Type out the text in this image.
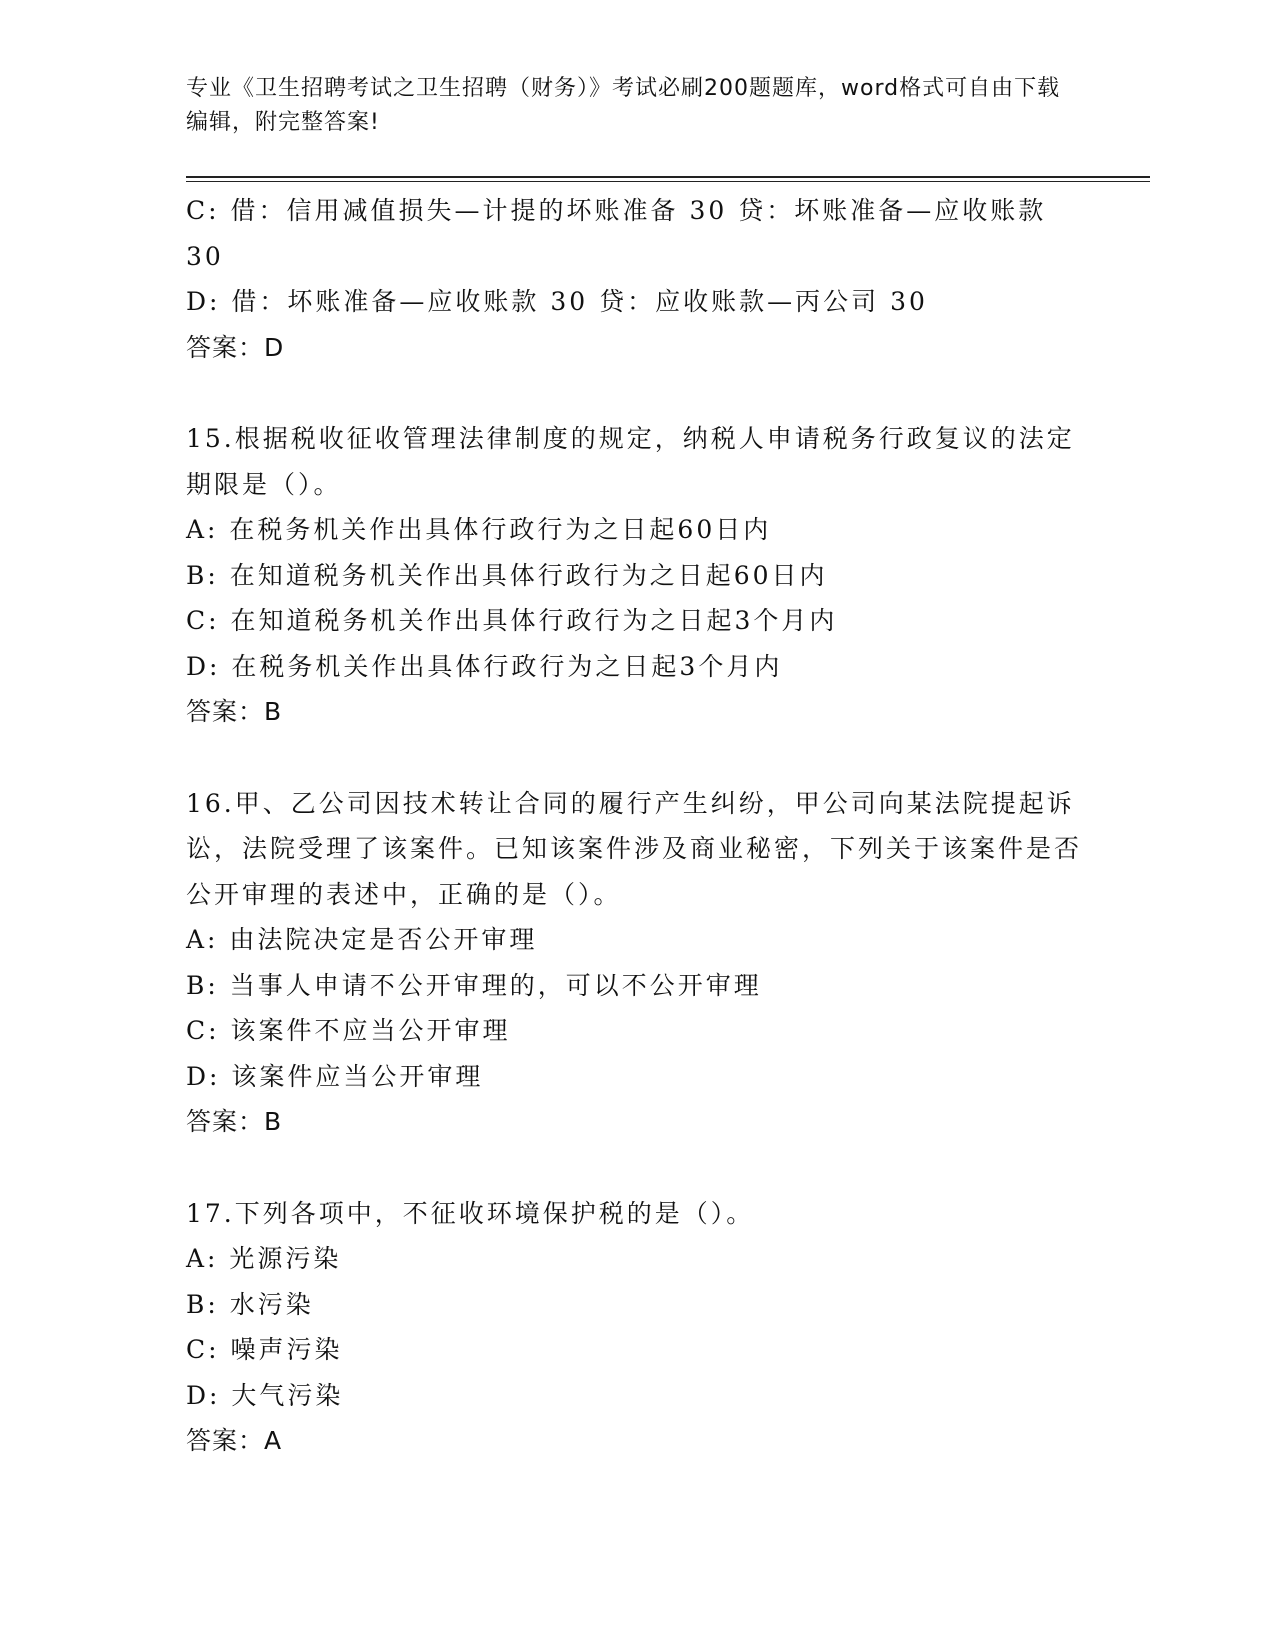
专业《卫生招聘考试之卫生招聘（财务）》考试必刷200题题库，word格式可自由下载编辑，附完整答案!
C: 借：信用减值损失—计提的坏账准备 30 贷：坏账准备—应收账款 30
D: 借：坏账准备—应收账款 30 贷：应收账款—丙公司 30
答案：D
15.根据税收征收管理法律制度的规定，纳税人申请税务行政复议的法定期限是（）。
A: 在税务机关作出具体行政行为之日起60日内
B: 在知道税务机关作出具体行政行为之日起60日内
C: 在知道税务机关作出具体行政行为之日起3个月内
D: 在税务机关作出具体行政行为之日起3个月内
答案：B
16.甲、乙公司因技术转让合同的履行产生纠纷，甲公司向某法院提起诉讼，法院受理了该案件。已知该案件涉及商业秘密，下列关于该案件是否公开审理的表述中，正确的是（）。
A: 由法院决定是否公开审理
B: 当事人申请不公开审理的，可以不公开审理
C: 该案件不应当公开审理
D: 该案件应当公开审理
答案：B
17.下列各项中，不征收环境保护税的是（）。
A: 光源污染
B: 水污染
C: 噪声污染
D: 大气污染
答案：A
